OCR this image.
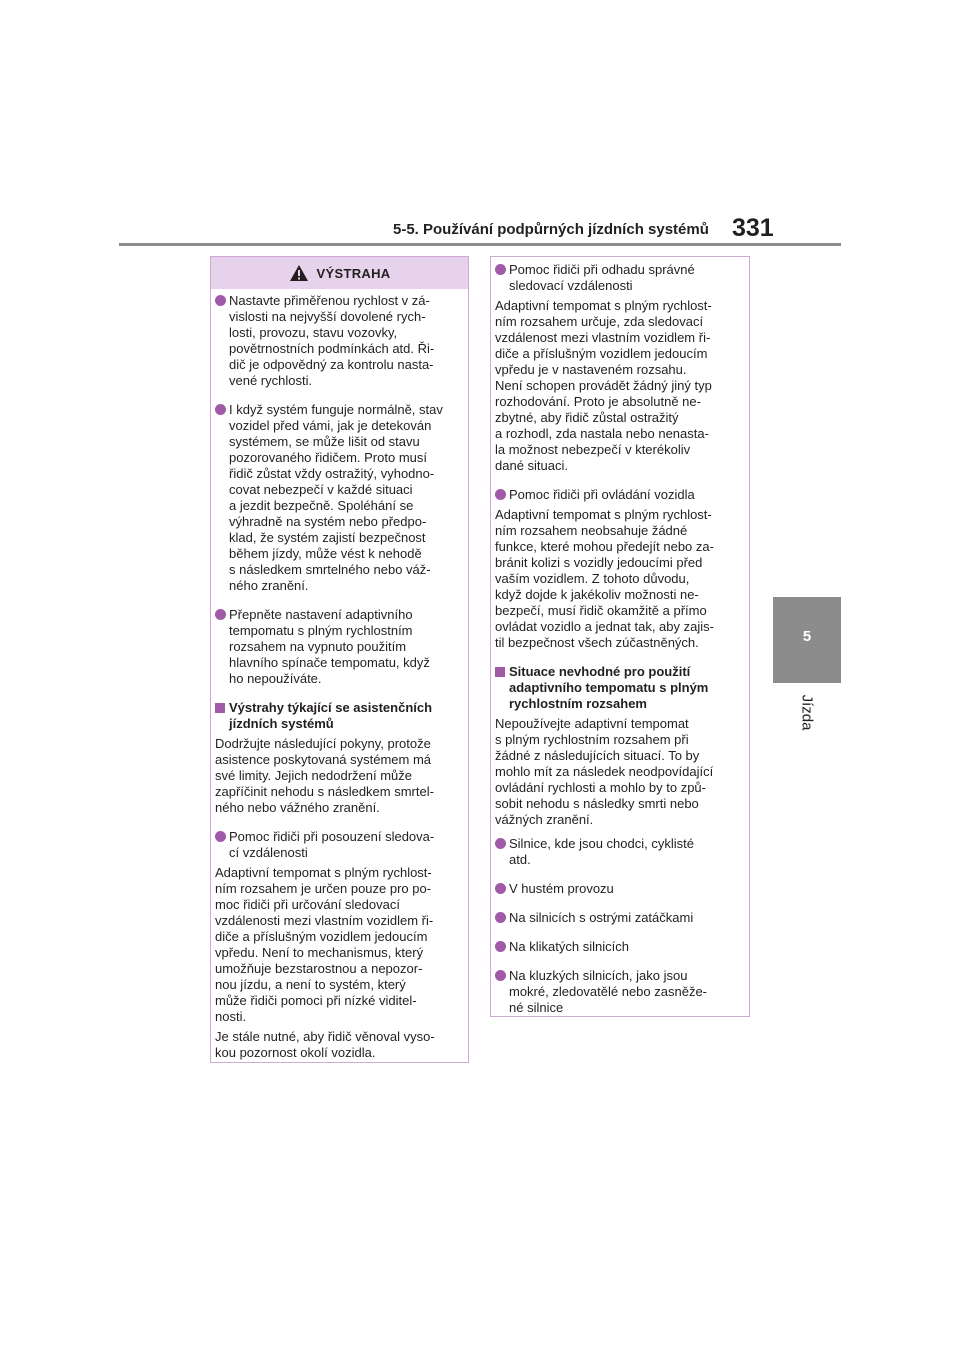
5-5. Používání podpůrných jízdních systémů 331
5
Jízda
VÝSTRAHA
Nastavte přiměřenou rychlost v zá-
vislosti na nejvyšší dovolené rych-
losti, provozu, stavu vozovky,
povětrnostních podmínkách atd. Ři-
dič je odpovědný za kontrolu nasta-
vené rychlosti.
I když systém funguje normálně, stav
vozidel před vámi, jak je detekován
systémem, se může lišit od stavu
pozorovaného řidičem. Proto musí
řidič zůstat vždy ostražitý, vyhodno-
covat nebezpečí v každé situaci
a jezdit bezpečně. Spoléhání se
výhradně na systém nebo předpo-
klad, že systém zajistí bezpečnost
během jízdy, může vést k nehodě
s následkem smrtelného nebo váž-
ného zranění.
Přepněte nastavení adaptivního
tempomatu s plným rychlostním
rozsahem na vypnuto použitím
hlavního spínače tempomatu, když
ho nepoužíváte.
Výstrahy týkající se asistenčních
jízdních systémů
Dodržujte následující pokyny, protože
asistence poskytovaná systémem má
své limity. Jejich nedodržení může
zapříčinit nehodu s následkem smrtel-
ného nebo vážného zranění.
Pomoc řidiči při posouzení sledova-
cí vzdálenosti
Adaptivní tempomat s plným rychlost-
ním rozsahem je určen pouze pro po-
moc řidiči při určování sledovací
vzdálenosti mezi vlastním vozidlem ři-
diče a příslušným vozidlem jedoucím
vpředu. Není to mechanismus, který
umožňuje bezstarostnou a nepozor-
nou jízdu, a není to systém, který
může řidiči pomoci při nízké viditel-
nosti.
Je stále nutné, aby řidič věnoval vyso-
kou pozornost okolí vozidla.
Pomoc řidiči při odhadu správné
sledovací vzdálenosti
Adaptivní tempomat s plným rychlost-
ním rozsahem určuje, zda sledovací
vzdálenost mezi vlastním vozidlem ři-
diče a příslušným vozidlem jedoucím
vpředu je v nastaveném rozsahu.
Není schopen provádět žádný jiný typ
rozhodování. Proto je absolutně ne-
zbytné, aby řidič zůstal ostražitý
a rozhodl, zda nastala nebo nenasta-
la možnost nebezpečí v kterékoliv
dané situaci.
Pomoc řidiči při ovládání vozidla
Adaptivní tempomat s plným rychlost-
ním rozsahem neobsahuje žádné
funkce, které mohou předejít nebo za-
bránit kolizi s vozidly jedoucími před
vaším vozidlem. Z tohoto důvodu,
když dojde k jakékoliv možnosti ne-
bezpečí, musí řidič okamžitě a přímo
ovládat vozidlo a jednat tak, aby zajis-
til bezpečnost všech zúčastněných.
Situace nevhodné pro použití
adaptivního tempomatu s plným
rychlostním rozsahem
Nepoužívejte adaptivní tempomat
s plným rychlostním rozsahem při
žádné z následujících situací. To by
mohlo mít za následek neodpovídající
ovládání rychlosti a mohlo by to způ-
sobit nehodu s následky smrti nebo
vážných zranění.
Silnice, kde jsou chodci, cyklisté
atd.
V hustém provozu
Na silnicích s ostrými zatáčkami
Na klikatých silnicích
Na kluzkých silnicích, jako jsou
mokré, zledovatělé nebo zasněže-
né silnice
